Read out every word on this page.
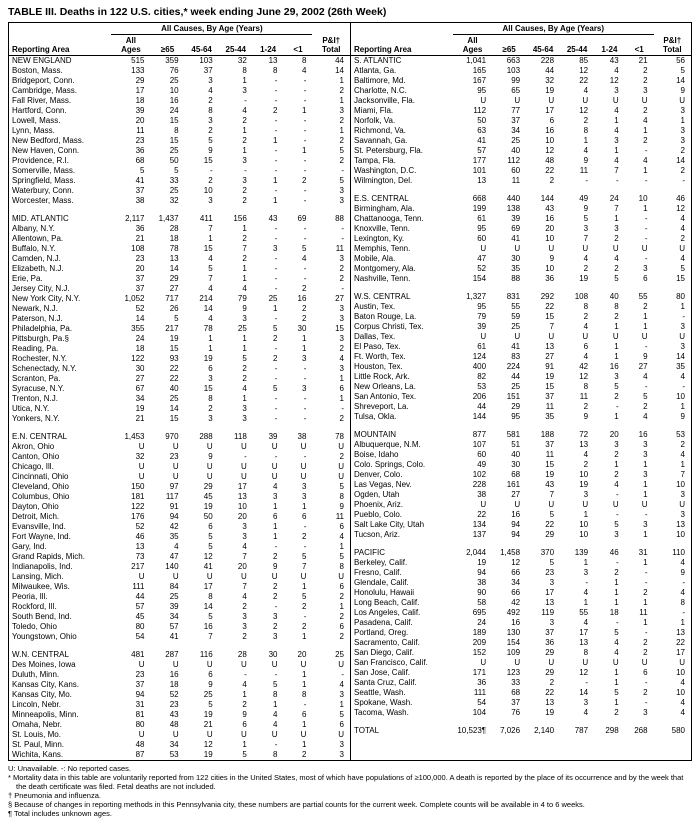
TABLE III. Deaths in 122 U.S. cities,* week ending June 29, 2002 (26th Week)
Reporting Area	All Causes, By Age (Years)						P&I†
Total
	All
Ages	≥65	45-64	25-44	1-24	<1	
NEW ENGLAND	515	359	103	32	13	8	44
Boston, Mass.	133	76	37	8	8	4	14
Bridgeport, Conn.	29	25	3	1	-	-	1
Cambridge, Mass.	17	10	4	3	-	-	2
Fall River, Mass.	18	16	2	-	-	-	1
Hartford, Conn.	39	24	8	4	2	1	3
Lowell, Mass.	20	15	3	2	-	-	2
Lynn, Mass.	11	8	2	1	-	-	1
New Bedford, Mass.	23	15	5	2	1	-	2
New Haven, Conn.	36	25	9	1	-	1	5
Providence, R.I.	68	50	15	3	-	-	2
Somerville, Mass.	5	5	-	-	-	-	-
Springfield, Mass.	41	33	2	3	1	2	5
Waterbury, Conn.	37	25	10	2	-	-	3
Worcester, Mass.	38	32	3	2	1	-	3

MID. ATLANTIC	2,117	1,437	411	156	43	69	88
Albany, N.Y.	36	28	7	1	-	-	-
Allentown, Pa.	21	18	1	2	-	-	-
Buffalo, N.Y.	108	78	15	7	3	5	11
Camden, N.J.	23	13	4	2	-	4	3
Elizabeth, N.J.	20	14	5	1	-	-	2
Erie, Pa.	37	29	7	1	-	-	2
Jersey City, N.J.	37	27	4	4	-	2	-
New York City, N.Y.	1,052	717	214	79	25	16	27
Newark, N.J.	52	26	14	9	1	2	3
Paterson, N.J.	14	5	4	3	-	2	3
Philadelphia, Pa.	355	217	78	25	5	30	15
Pittsburgh, Pa.§	24	19	1	1	2	1	3
Reading, Pa.	18	15	1	1	-	1	2
Rochester, N.Y.	122	93	19	5	2	3	4
Schenectady, N.Y.	30	22	6	2	-	-	3
Scranton, Pa.	27	22	3	2	-	-	1
Syracuse, N.Y.	67	40	15	4	5	3	6
Trenton, N.J.	34	25	8	1	-	-	1
Utica, N.Y.	19	14	2	3	-	-	-
Yonkers, N.Y.	21	15	3	3	-	-	2

E.N. CENTRAL	1,453	970	288	118	39	38	78
Akron, Ohio	U	U	U	U	U	U	U
Canton, Ohio	32	23	9	-	-	-	2
Chicago, Ill.	U	U	U	U	U	U	U
Cincinnati, Ohio	U	U	U	U	U	U	U
Cleveland, Ohio	150	97	29	17	4	3	5
Columbus, Ohio	181	117	45	13	3	3	8
Dayton, Ohio	122	91	19	10	1	1	9
Detroit, Mich.	176	94	50	20	6	6	11
Evansville, Ind.	52	42	6	3	1	-	6
Fort Wayne, Ind.	46	35	5	3	1	2	4
Gary, Ind.	13	4	5	4	-	-	1
Grand Rapids, Mich.	73	47	12	7	2	5	5
Indianapolis, Ind.	217	140	41	20	9	7	8
Lansing, Mich.	U	U	U	U	U	U	U
Milwaukee, Wis.	111	84	17	7	2	1	6
Peoria, Ill.	44	25	8	4	2	5	2
Rockford, Ill.	57	39	14	2	-	2	1
South Bend, Ind.	45	34	5	3	3	-	2
Toledo, Ohio	80	57	16	3	2	2	6
Youngstown, Ohio	54	41	7	2	3	1	2

W.N. CENTRAL	481	287	116	28	30	20	25
Des Moines, Iowa	U	U	U	U	U	U	U
Duluth, Minn.	23	16	6	-	-	1	-
Kansas City, Kans.	37	18	9	4	5	1	4
Kansas City, Mo.	94	52	25	1	8	8	3
Lincoln, Nebr.	31	23	5	2	1	-	1
Minneapolis, Minn.	81	43	19	9	4	6	5
Omaha, Nebr.	80	48	21	6	4	1	6
St. Louis, Mo.	U	U	U	U	U	U	U
St. Paul, Minn.	48	34	12	1	-	1	3
Wichita, Kans.	87	53	19	5	8	2	3
Reporting Area	All Causes, By Age (Years)						P&I†
Total
	All
Ages	≥65	45-64	25-44	1-24	<1	
S. ATLANTIC	1,041	663	228	85	43	21	56
Atlanta, Ga.	165	103	44	12	4	2	5
Baltimore, Md.	167	99	32	22	12	2	14
Charlotte, N.C.	95	65	19	4	3	3	9
Jacksonville, Fla.	U	U	U	U	U	U	U
Miami, Fla.	112	77	17	12	4	2	3
Norfolk, Va.	50	37	6	2	1	4	1
Richmond, Va.	63	34	16	8	4	1	3
Savannah, Ga.	41	25	10	1	3	2	3
St. Petersburg, Fla.	57	40	12	4	1	-	2
Tampa, Fla.	177	112	48	9	4	4	14
Washington, D.C.	101	60	22	11	7	1	2
Wilmington, Del.	13	11	2	-	-	-	-

E.S. CENTRAL	668	440	144	49	24	10	46
Birmingham, Ala.	199	138	43	9	7	1	12
Chattanooga, Tenn.	61	39	16	5	1	-	4
Knoxville, Tenn.	95	69	20	3	3	-	4
Lexington, Ky.	60	41	10	7	2	-	2
Memphis, Tenn.	U	U	U	U	U	U	U
Mobile, Ala.	47	30	9	4	4	-	4
Montgomery, Ala.	52	35	10	2	2	3	5
Nashville, Tenn.	154	88	36	19	5	6	15

W.S. CENTRAL	1,327	831	292	108	40	55	80
Austin, Tex.	95	55	22	8	8	2	1
Baton Rouge, La.	79	59	15	2	2	1	-
Corpus Christi, Tex.	39	25	7	4	1	1	3
Dallas, Tex.	U	U	U	U	U	U	U
El Paso, Tex.	61	41	13	6	1	-	3
Ft. Worth, Tex.	124	83	27	4	1	9	14
Houston, Tex.	400	224	91	42	16	27	35
Little Rock, Ark.	82	44	19	12	3	4	4
New Orleans, La.	53	25	15	8	5	-	-
San Antonio, Tex.	206	151	37	11	2	5	10
Shreveport, La.	44	29	11	2	-	2	1
Tulsa, Okla.	144	95	35	9	1	4	9

MOUNTAIN	877	581	188	72	20	16	53
Albuquerque, N.M.	107	51	37	13	3	3	2
Boise, Idaho	60	40	11	4	2	3	4
Colo. Springs, Colo.	49	30	15	2	1	1	1
Denver, Colo.	102	68	19	10	2	3	7
Las Vegas, Nev.	228	161	43	19	4	1	10
Ogden, Utah	38	27	7	3	-	1	3
Phoenix, Ariz.	U	U	U	U	U	U	U
Pueblo, Colo.	22	16	5	1	-	-	3
Salt Lake City, Utah	134	94	22	10	5	3	13
Tucson, Ariz.	137	94	29	10	3	1	10

PACIFIC	2,044	1,458	370	139	46	31	110
Berkeley, Calif.	19	12	5	1	-	1	4
Fresno, Calif.	94	66	23	3	2	-	9
Glendale, Calif.	38	34	3	-	1	-	-
Honolulu, Hawaii	90	66	17	4	1	2	4
Long Beach, Calif.	58	42	13	1	1	1	8
Los Angeles, Calif.	695	492	119	55	18	11	-
Pasadena, Calif.	24	16	3	4	-	1	1
Portland, Oreg.	189	130	37	17	5	-	13
Sacramento, Calif.	209	154	36	13	4	2	22
San Diego, Calif.	152	109	29	8	4	2	17
San Francisco, Calif.	U	U	U	U	U	U	U
San Jose, Calif.	171	123	29	12	1	6	10
Santa Cruz, Calif.	36	33	2	-	1	-	4
Seattle, Wash.	111	68	22	14	5	2	10
Spokane, Wash.	54	37	13	3	1	-	4
Tacoma, Wash.	104	76	19	4	2	3	4

TOTAL	10,523¶	7,026	2,140	787	298	268	580
U: Unavailable. -: No reported cases.
* Mortality data in this table are voluntarily reported from 122 cities in the United States, most of which have populations of ≥100,000. A death is reported by the place of its occurrence and by the week that the death certificate was filed. Fetal deaths are not included.
† Pneumonia and influenza.
§ Because of changes in reporting methods in this Pennsylvania city, these numbers are partial counts for the current week. Complete counts will be available in 4 to 6 weeks.
¶ Total includes unknown ages.
